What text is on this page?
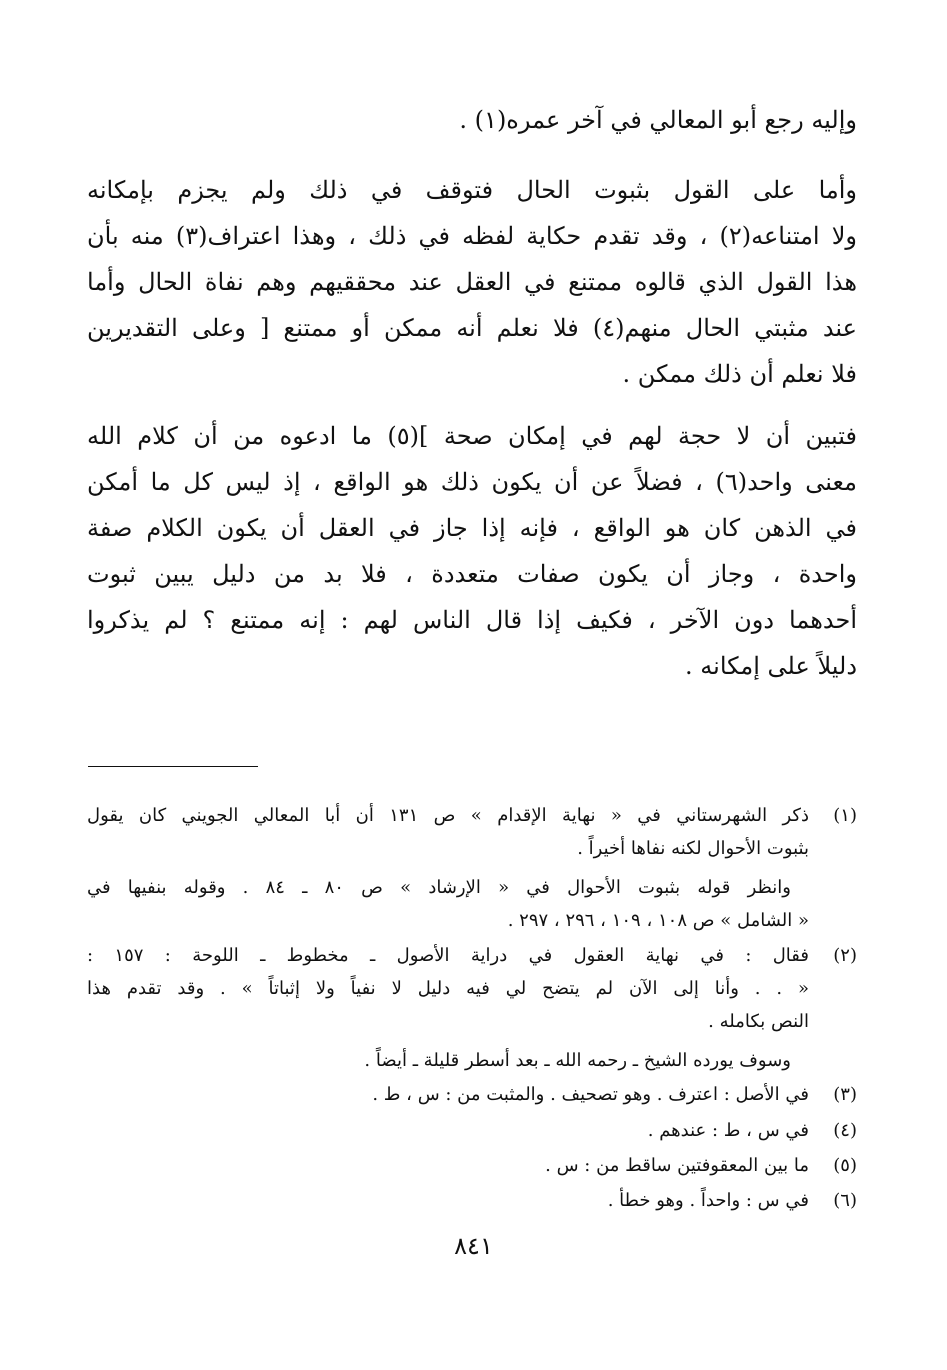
وإليه رجع أبو المعالي في آخر عمره(١) .
وأما على القول بثبوت الحال فتوقف في ذلك ولم يجزم بإمكانه
ولا امتناعه(٢) ، وقد تقدم حكاية لفظه في ذلك ، وهذا اعتراف(٣) منه بأن
هذا القول الذي قالوه ممتنع في العقل عند محققيهم وهم نفاة الحال وأما
عند مثبتي الحال منهم(٤) فلا نعلم أنه ممكن أو ممتنع [ وعلى التقديرين
فلا نعلم أن ذلك ممكن .
فتبين أن لا حجة لهم في إمكان صحة ](٥) ما ادعوه من أن كلام الله
معنى واحد(٦) ، فضلاً عن أن يكون ذلك هو الواقع ، إذ ليس كل ما أمكن
في الذهن كان هو الواقع ، فإنه إذا جاز في العقل أن يكون الكلام صفة
واحدة ، وجاز أن يكون صفات متعددة ، فلا بد من دليل يبين ثبوت
أحدهما دون الآخر ، فكيف إذا قال الناس لهم : إنه ممتنع ؟ لم يذكروا
دليلاً على إمكانه .
(١)ذكر الشهرستاني في « نهاية الإقدام » ص ١٣١ أن أبا المعالي الجويني كان يقول
بثبوت الأحوال لكنه نفاها أخيراً .
وانظر قوله بثبوت الأحوال في « الإرشاد » ص ٨٠ ـ ٨٤ . وقوله بنفيها في
« الشامل » ص ١٠٨ ، ١٠٩ ، ٢٩٦ ، ٢٩٧ .
(٢)فقال : في نهاية العقول في دراية الأصول ـ مخطوط ـ اللوحة : ١٥٧ :
« . . وأنا إلى الآن لم يتضح لي فيه دليل لا نفياً ولا إثباتاً » . وقد تقدم هذا
النص بكامله .
وسوف يورده الشيخ ـ رحمه الله ـ بعد أسطر قليلة ـ أيضاً .
(٣)في الأصل : اعترف . وهو تصحيف . والمثبت من : س ، ط .
(٤)في س ، ط : عندهم .
(٥)ما بين المعقوفتين ساقط من : س .
(٦)في س : واحداً . وهو خطأ .
٨٤١
